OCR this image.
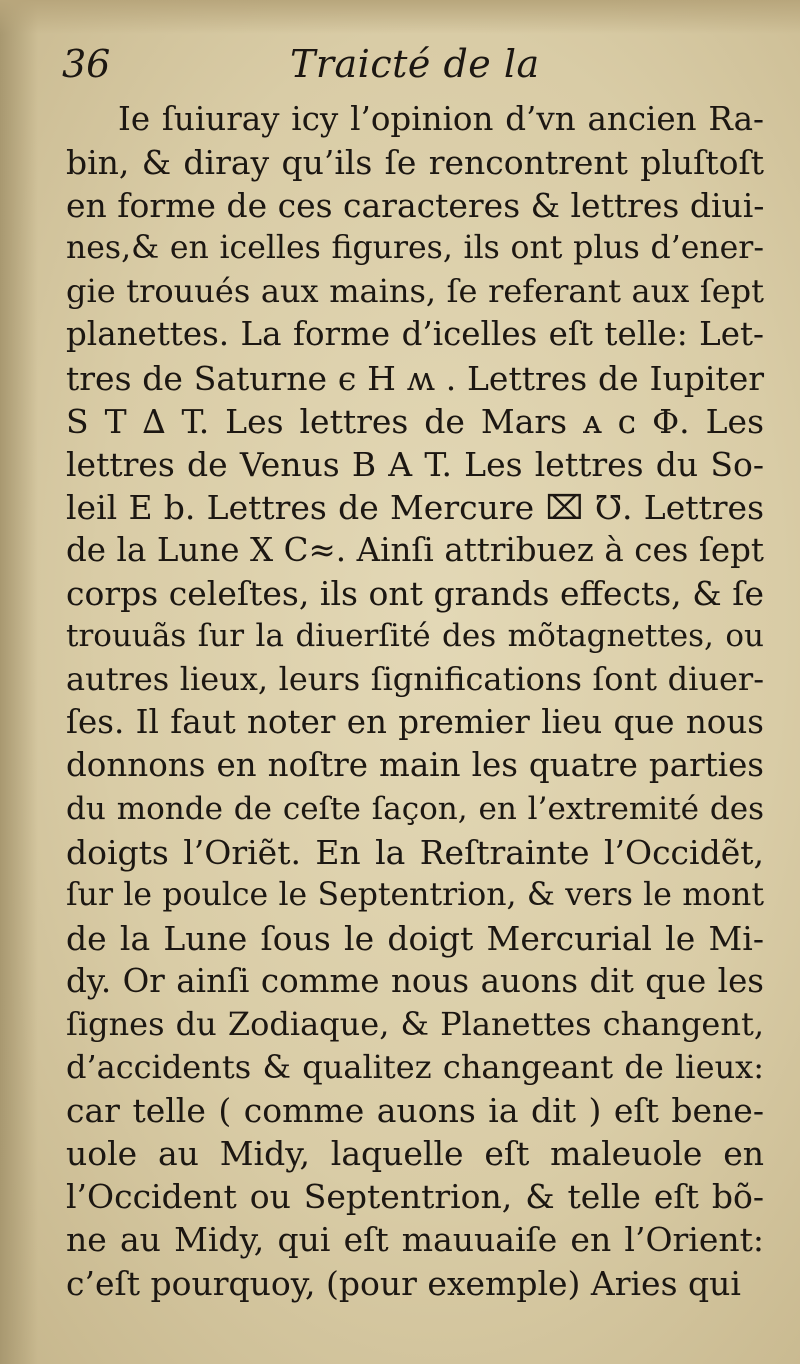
36	Traicté de la
Ie ſuiuray icy l’opinion d’vn ancien Ra-
bin, & diray qu’ils ſe rencontrent pluſtoſt
en forme de ces caracteres & lettres diui-
nes,& en icelles figures, ils ont plus d’ener-
gie trouués aux mains, ſe referant aux ſept
planettes. La forme d’icelles eſt telle: Let-
tres de Saturne ϵ H ʍ . Lettres de Iupiter
S T ∆ T. Les lettres de Mars ᴀ ᴄ Φ. Les
lettres de Venus B A T. Les lettres du So-
leil E b. Lettres de Mercure ⌧ ℧. Lettres
de la Lune X C≈. Ainſi attribuez à ces ſept
corps celeſtes, ils ont grands effects, & ſe
trouuãs ſur la diuerſité des mõtagnettes, ou
autres lieux, leurs ſignifications ſont diuer-
ſes. Il faut noter en premier lieu que nous
donnons en noſtre main les quatre parties
du monde de ceſte ſaçon, en l’extremité des
doigts l’Oriẽt. En la Reſtrainte l’Occidẽt,
ſur le poulce le Septentrion, & vers le mont
de la Lune ſous le doigt Mercurial le Mi-
dy. Or ainſi comme nous auons dit que les
ſignes du Zodiaque, & Planettes changent,
d’accidents & qualitez changeant de lieux:
car telle ( comme auons ia dit ) eſt bene-
uole au Midy, laquelle eſt maleuole en
l’Occident ou Septentrion, & telle eſt bõ-
ne au Midy, qui eſt mauuaiſe en l’Orient:
c’eſt pourquoy, (pour exemple) Aries qui
